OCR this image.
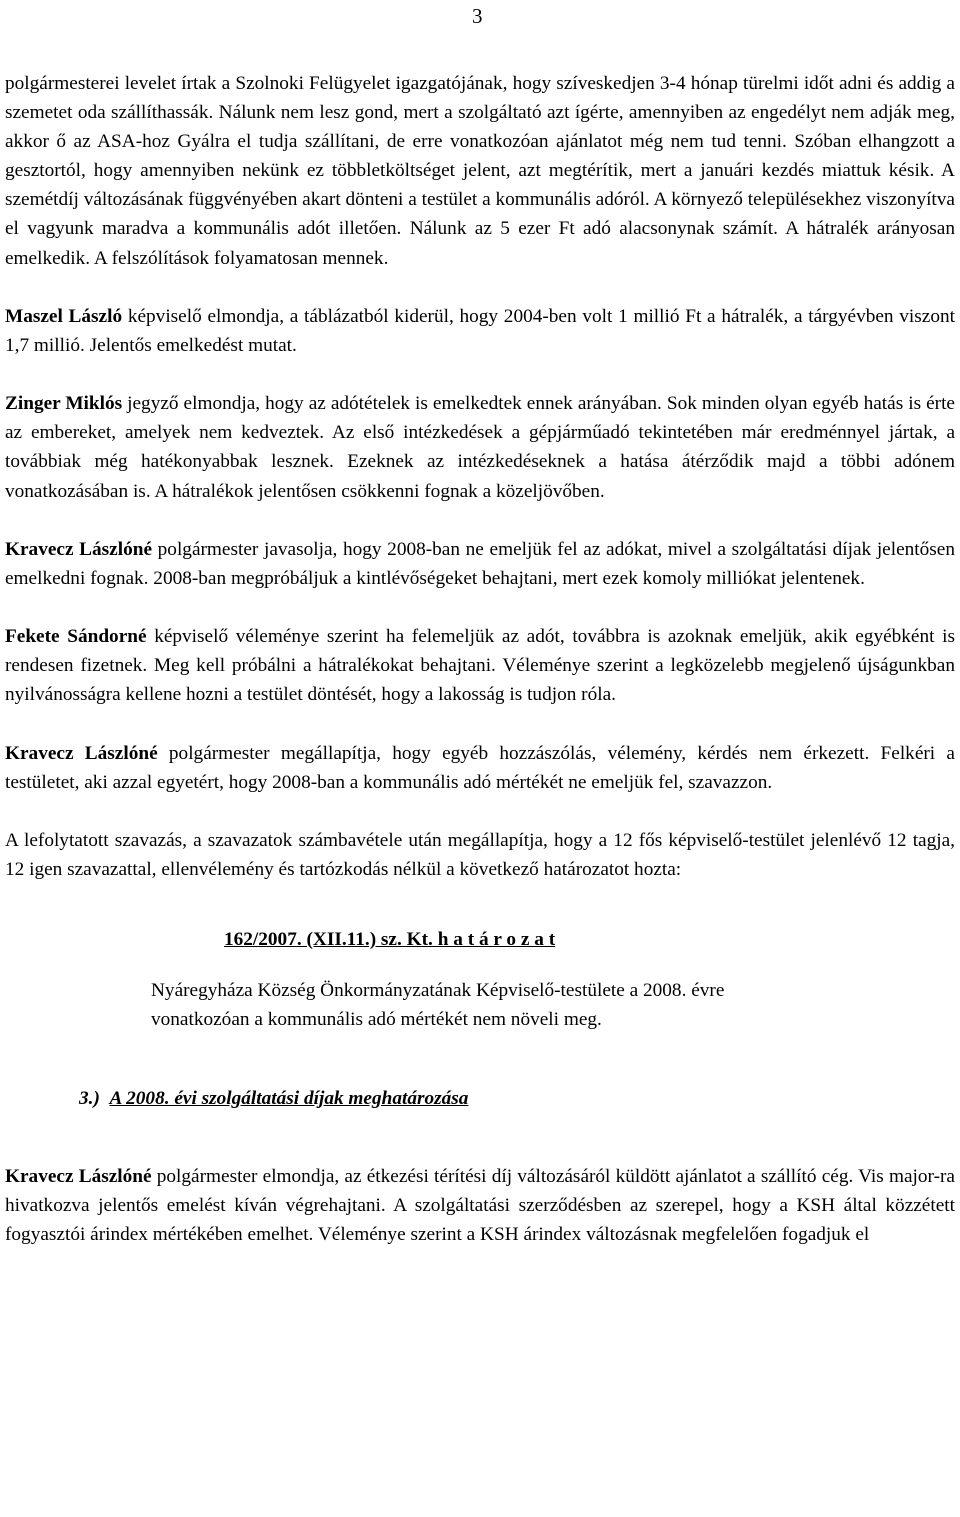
3

polgármesterei levelet írtak a Szolnoki Felügyelet igazgatójának, hogy szíveskedjen 3-4 hónap türelmi időt adni és addig a szemetet oda szállíthassák. Nálunk nem lesz gond, mert a szolgáltató azt ígérte, amennyiben az engedélyt nem adják meg, akkor ő az ASA-hoz Gyálra el tudja szállítani, de erre vonatkozóan ajánlatot még nem tud tenni. Szóban elhangzott a gesztortól, hogy amennyiben nekünk ez többletköltséget jelent, azt megtérítik, mert a januári kezdés miattuk késik. A szemétdíj változásának függvényében akart dönteni a testület a kommunális adóról. A környező településekhez viszonyítva el vagyunk maradva a kommunális adót illetően. Nálunk az 5 ezer Ft adó alacsonynak számít. A hátralék arányosan emelkedik. A felszólítások folyamatosan mennek.

Maszel László képviselő elmondja, a táblázatból kiderül, hogy 2004-ben volt 1 millió Ft a hátralék, a tárgyévben viszont 1,7 millió. Jelentős emelkedést mutat.

Zinger Miklós jegyző elmondja, hogy az adótételek is emelkedtek ennek arányában. Sok minden olyan egyéb hatás is érte az embereket, amelyek nem kedveztek. Az első intézkedések a gépjárműadó tekintetében már eredménnyel jártak, a továbbiak még hatékonyabbak lesznek. Ezeknek az intézkedéseknek a hatása átérződik majd a többi adónem vonatkozásában is. A hátralékok jelentősen csökkenni fognak a közeljövőben.

Kravecz Lászlóné polgármester javasolja, hogy 2008-ban ne emeljük fel az adókat, mivel a szolgáltatási díjak jelentősen emelkedni fognak. 2008-ban megpróbáljuk a kintlévőségeket behajtani, mert ezek komoly milliókat jelentenek.

Fekete Sándorné képviselő véleménye szerint ha felemeljük az adót, továbbra is azoknak emeljük, akik egyébként is rendesen fizetnek. Meg kell próbálni a hátralékokat behajtani. Véleménye szerint a legközelebb megjelenő újságunkban nyilvánosságra kellene hozni a testület döntését, hogy a lakosság is tudjon róla.

Kravecz Lászlóné polgármester megállapítja, hogy egyéb hozzászólás, vélemény, kérdés nem érkezett. Felkéri a testületet, aki azzal egyetért, hogy 2008-ban a kommunális adó mértékét ne emeljük fel, szavazzon.

A lefolytatott szavazás, a szavazatok számbavétele után megállapítja, hogy a 12 fős képviselő-testület jelenlévő 12 tagja, 12 igen szavazattal, ellenvélemény és tartózkodás nélkül a következő határozatot hozta:

162/2007. (XII.11.) sz. Kt. h a t á r o z a t
Nyáregyháza Község Önkormányzatának Képviselő-testülete a 2008. évre vonatkozóan a kommunális adó mértékét nem növeli meg.
3.) A 2008. évi szolgáltatási díjak meghatározása

Kravecz Lászlóné polgármester elmondja, az étkezési térítési díj változásáról küldött ajánlatot a szállító cég. Vis major-ra hivatkozva jelentős emelést kíván végrehajtani. A szolgáltatási szerződésben az szerepel, hogy a KSH által közzétett fogyasztói árindex mértékében emelhet. Véleménye szerint a KSH árindex változásnak megfelelően fogadjuk el
